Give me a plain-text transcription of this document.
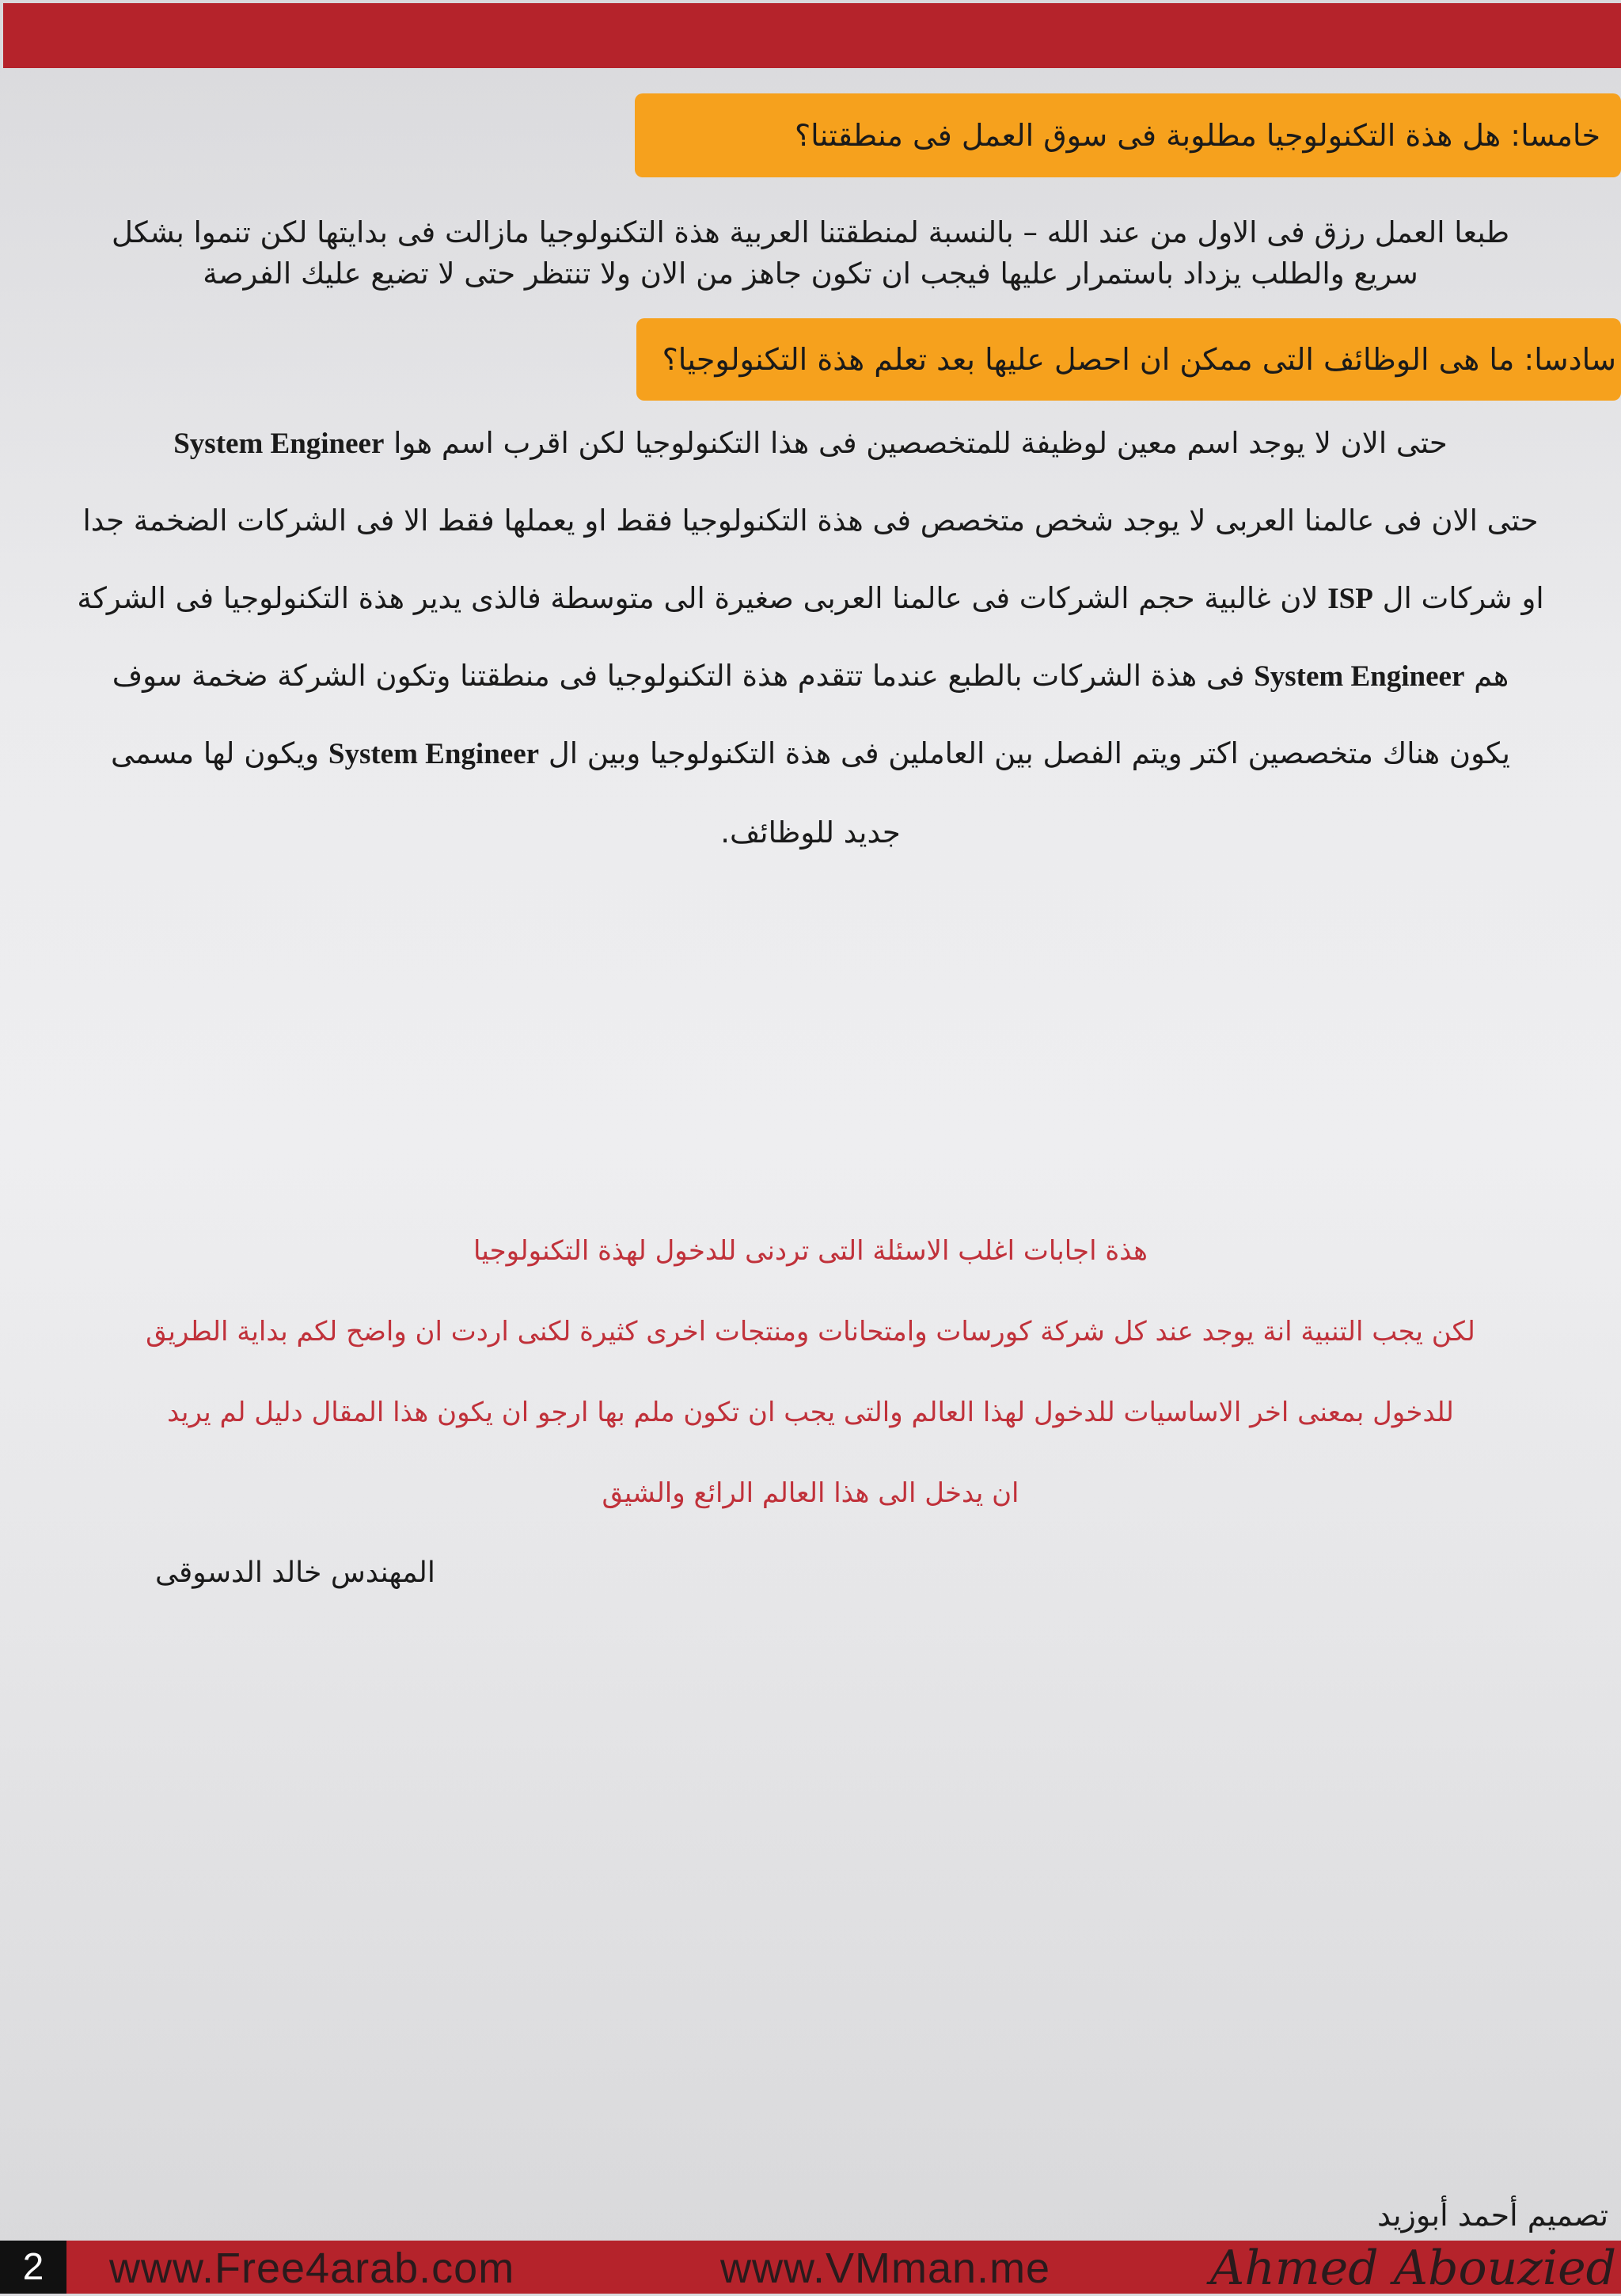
خامسا: هل هذة التكنولوجيا مطلوبة فى سوق العمل فى منطقتنا؟
طبعا العمل رزق فى الاول من عند الله – بالنسبة لمنطقتنا العربية هذة التكنولوجيا مازالت فى بدايتها لكن تنموا بشكل
سريع والطلب يزداد باستمرار عليها فيجب ان تكون جاهز من الان ولا تنتظر حتى لا تضيع عليك الفرصة
سادسا: ما هى الوظائف التى ممكن ان احصل عليها بعد تعلم هذة التكنولوجيا؟
حتى الان لا يوجد اسم معين لوظيفة للمتخصصين فى هذا التكنولوجيا لكن اقرب اسم هوا System Engineer
حتى الان فى عالمنا العربى لا يوجد شخص متخصص فى هذة التكنولوجيا فقط او يعملها فقط الا فى الشركات الضخمة جدا
او شركات ال ISP لان غالبية حجم الشركات فى عالمنا العربى صغيرة الى متوسطة فالذى يدير هذة التكنولوجيا فى الشركة
هم System Engineer فى هذة الشركات بالطبع عندما تتقدم هذة التكنولوجيا فى منطقتنا وتكون الشركة ضخمة سوف
يكون هناك متخصصين اكتر ويتم الفصل بين العاملين فى هذة التكنولوجيا وبين ال System Engineer ويكون لها مسمى
جديد للوظائف.
هذة اجابات اغلب الاسئلة التى تردنى للدخول لهذة التكنولوجيا
لكن يجب التنبية انة يوجد عند كل شركة كورسات وامتحانات ومنتجات اخرى كثيرة لكنى اردت ان واضح لكم بداية الطريق
للدخول بمعنى اخر الاساسيات للدخول لهذا العالم والتى يجب ان تكون ملم بها ارجو ان يكون هذا المقال دليل لم يريد
ان يدخل الى هذا العالم الرائع والشيق
المهندس خالد الدسوقى
تصميم أحمد أبوزيد
2	www.Free4arab.com	www.VMman.me	Ahmed Abouzied
